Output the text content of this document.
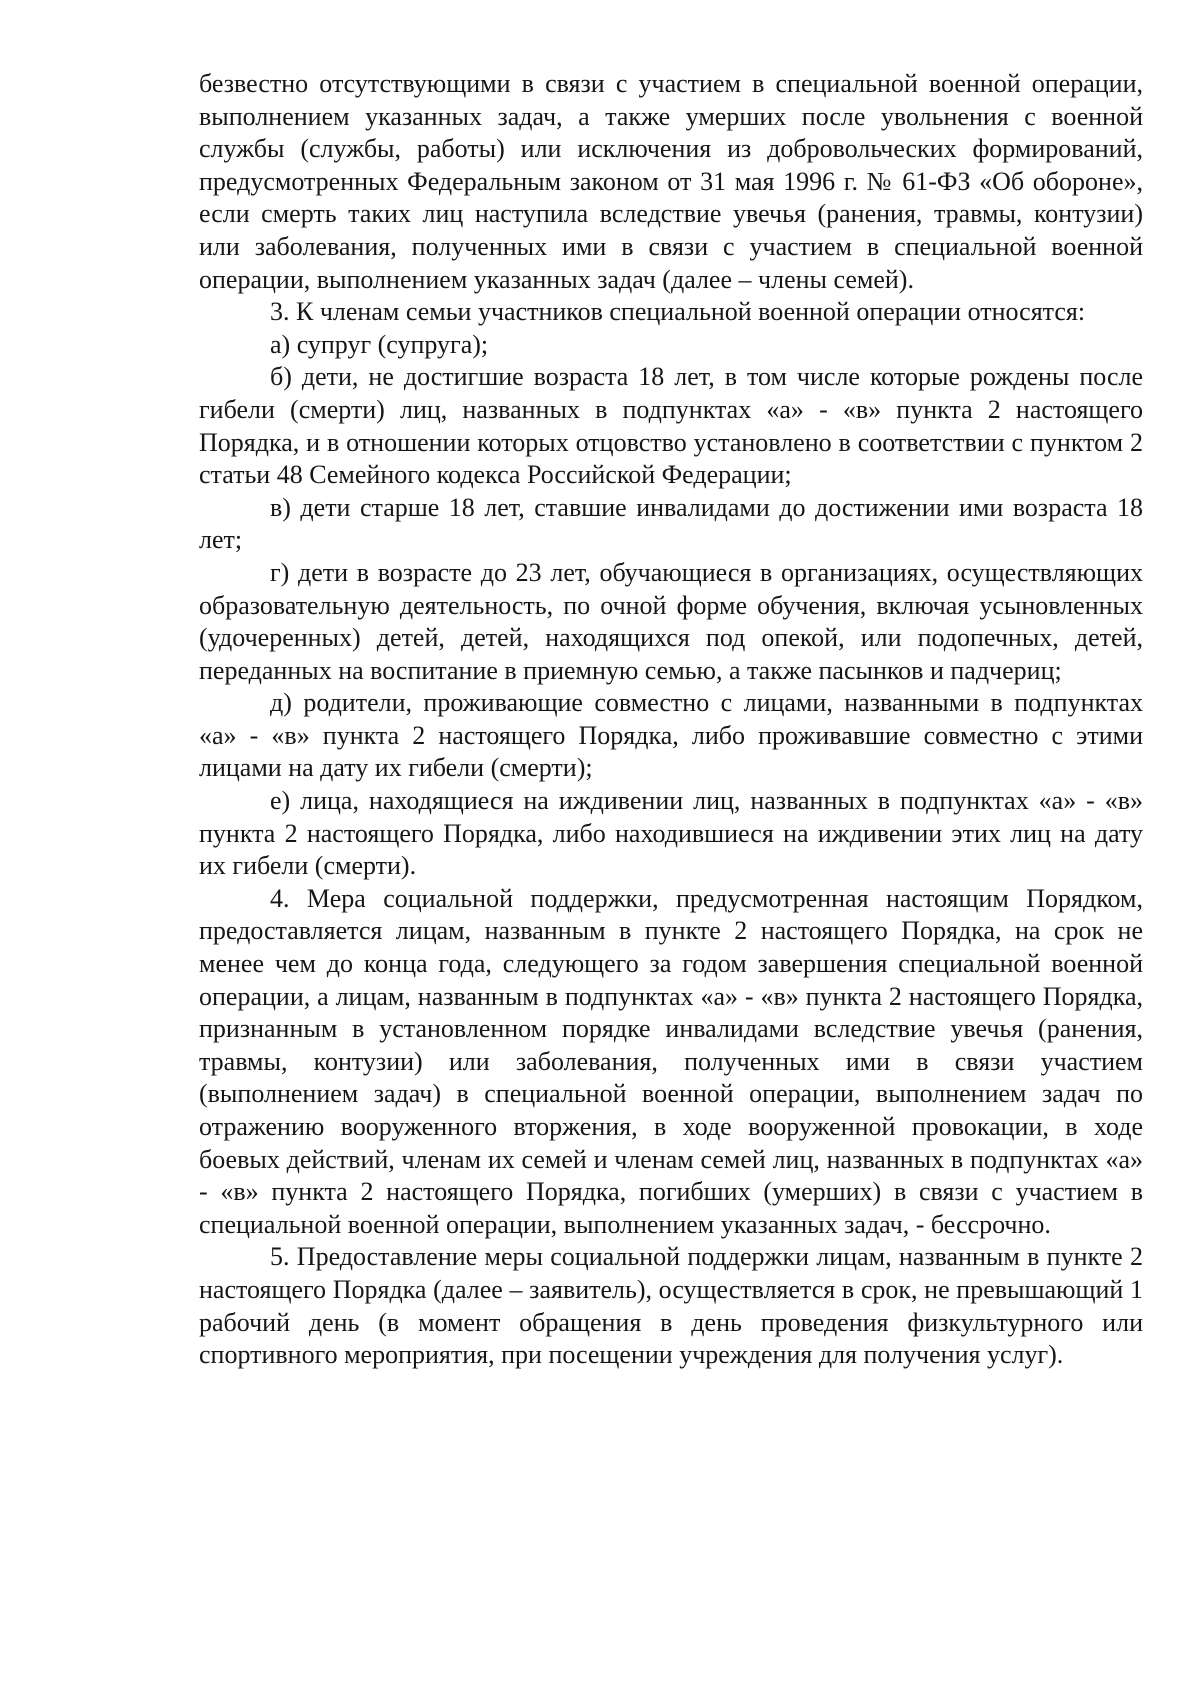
безвестно отсутствующими в связи с участием в специальной военной операции, выполнением указанных задач, а также умерших после увольнения с военной службы (службы, работы) или исключения из добровольческих формирований, предусмотренных Федеральным законом от 31 мая 1996 г. № 61-ФЗ «Об обороне», если смерть таких лиц наступила вследствие увечья (ранения, травмы, контузии) или заболевания, полученных ими в связи с участием в специальной военной операции, выполнением указанных задач (далее – члены семей).

3. К членам семьи участников специальной военной операции относятся:

а) супруг (супруга);

б) дети, не достигшие возраста 18 лет, в том числе которые рождены после гибели (смерти) лиц, названных в подпунктах «а» - «в» пункта 2 настоящего Порядка, и в отношении которых отцовство установлено в соответствии с пунктом 2 статьи 48 Семейного кодекса Российской Федерации;

в) дети старше 18 лет, ставшие инвалидами до достижении ими возраста 18 лет;

г) дети в возрасте до 23 лет, обучающиеся в организациях, осуществляющих образовательную деятельность, по очной форме обучения, включая усыновленных (удочеренных) детей, детей, находящихся под опекой, или подопечных, детей, переданных на воспитание в приемную семью, а также пасынков и падчериц;

д) родители, проживающие совместно с лицами, названными в подпунктах «а» - «в» пункта 2 настоящего Порядка, либо проживавшие совместно с этими лицами на дату их гибели (смерти);

е) лица, находящиеся на иждивении лиц, названных в подпунктах «а» - «в» пункта 2 настоящего Порядка, либо находившиеся на иждивении этих лиц на дату их гибели (смерти).

4. Мера социальной поддержки, предусмотренная настоящим Порядком, предоставляется лицам, названным в пункте 2 настоящего Порядка, на срок не менее чем до конца года, следующего за годом завершения специальной военной операции, а лицам, названным в подпунктах «а» - «в» пункта 2 настоящего Порядка, признанным в установленном порядке инвалидами вследствие увечья (ранения, травмы, контузии) или заболевания, полученных ими в связи участием (выполнением задач) в специальной военной операции, выполнением задач по отражению вооруженного вторжения, в ходе вооруженной провокации, в ходе боевых действий, членам их семей и членам семей лиц, названных в подпунктах «а» - «в» пункта 2 настоящего Порядка, погибших (умерших) в связи с участием в специальной военной операции, выполнением указанных задач, - бессрочно.

5. Предоставление меры социальной поддержки лицам, названным в пункте 2 настоящего Порядка (далее – заявитель), осуществляется в срок, не превышающий 1 рабочий день (в момент обращения в день проведения физкультурного или спортивного мероприятия, при посещении учреждения для получения услуг).
